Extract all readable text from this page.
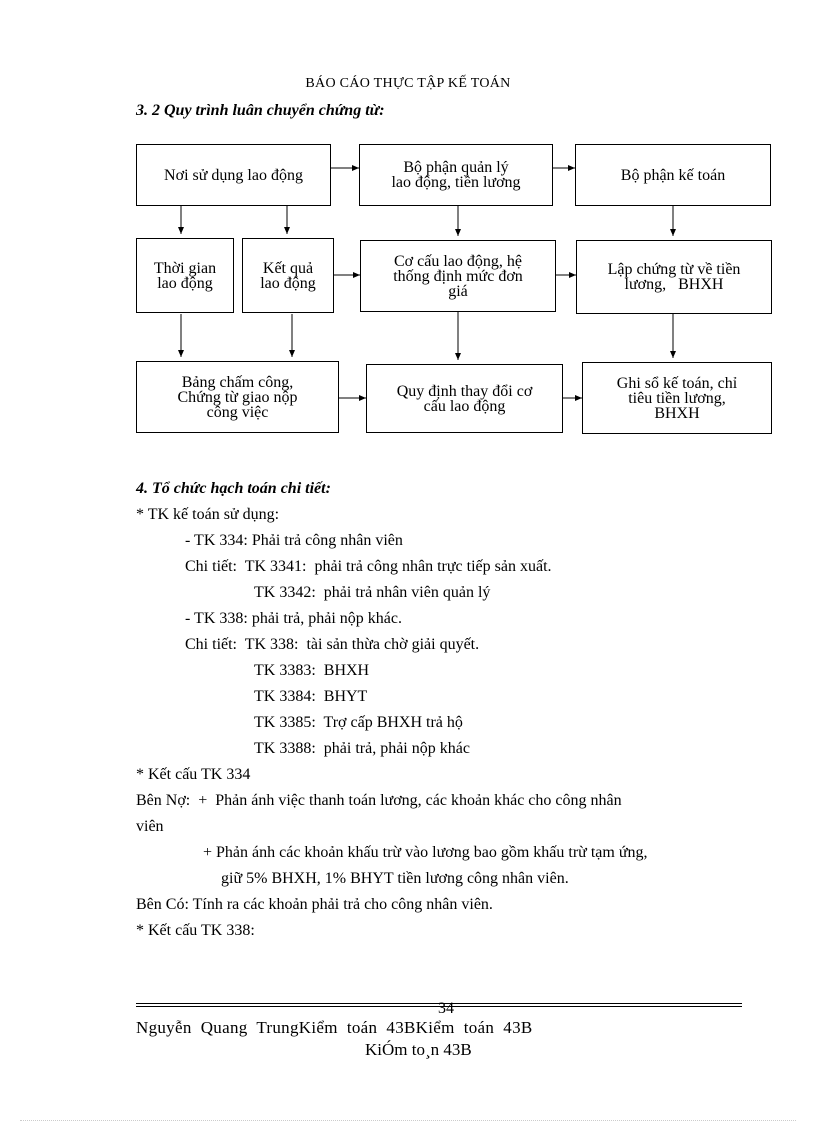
BÁO CÁO THỰC TẬP KẾ TOÁN
3. 2 Quy trình luân chuyển chứng từ:
Nơi sử dụng lao động	Bộ phận quản lý
lao động, tiền lương	Bộ phận kế toán
Thời gian
lao động
Kết quả
lao động
Cơ cấu lao động, hệ
thống định mức đơn
giá
Lập chứng từ về tiền
lương,   BHXH
Bảng chấm công,
Chứng từ giao nộp
công việc
Quy định thay đổi cơ
cấu lao động
Ghi sổ kế toán, chỉ
tiêu tiền lương,
BHXH
4. Tổ chức hạch toán chi tiết:
* TK kế toán sử dụng:
- TK 334: Phải trả công nhân viên
Chi tiết:  TK 3341:  phải trả công nhân trực tiếp sản xuất.
TK 3342:  phải trả nhân viên quản lý
- TK 338: phải trả, phải nộp khác.
Chi tiết:  TK 338:  tài sản thừa chờ giải quyết.
TK 3383:  BHXH
TK 3384:  BHYT
TK 3385:  Trợ cấp BHXH trả hộ
TK 3388:  phải trả, phải nộp khác
* Kết cấu TK 334
Bên Nợ:  +  Phản ánh việc thanh toán lương, các khoản khác cho công nhân
viên
+ Phản ánh các khoản khấu trừ vào lương bao gồm khấu trừ tạm ứng,
giữ 5% BHXH, 1% BHYT tiền lương công nhân viên.
Bên Có: Tính ra các khoản phải trả cho công nhân viên.
* Kết cấu TK 338:
34
Nguyễn  Quang  TrungKiểm  toán  43BKiểm  toán  43B
KiÓm to¸n 43B
